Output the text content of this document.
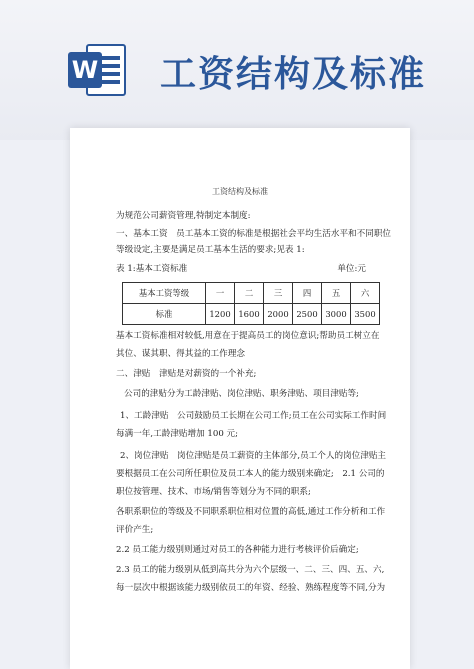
W 工资结构及标准
工资结构及标准
为规范公司薪资管理,特制定本制度:
一、基本工资　员工基本工资的标准是根据社会平均生活水平和不同职位
等级设定,主要是满足员工基本生活的要求;见表 1:
表 1:基本工资标准	单位:元
基本工资等级	一	二	三	四	五	六
标准	1200	1600	2000	2500	3000	3500
基本工资标准相对较低,用意在于提高员工的岗位意识;帮助员工树立在
其位、谋其职、得其益的工作理念
二、津贴　津贴是对薪资的一个补充;
公司的津贴分为工龄津贴、岗位津贴、职务津贴、项目津贴等;
1、工龄津贴　公司鼓励员工长期在公司工作;员工在公司实际工作时间
每满一年,工龄津贴增加 100 元;
2、岗位津贴　岗位津贴是员工薪资的主体部分,员工个人的岗位津贴主
要根据员工在公司所任职位及员工本人的能力级别来确定;　2.1 公司的
职位按管理、技术、市场/销售等划分为不同的职系;
各职系职位的等级及不同职系职位相对位置的高低,通过工作分析和工作
评价产生;
2.2 员工能力级别则通过对员工的各种能力进行考核评价后确定;
2.3 员工的能力级别从低到高共分为六个层级一、二、三、四、五、六,
每一层次中根据该能力级别依员工的年资、经验、熟练程度等不同,分为
